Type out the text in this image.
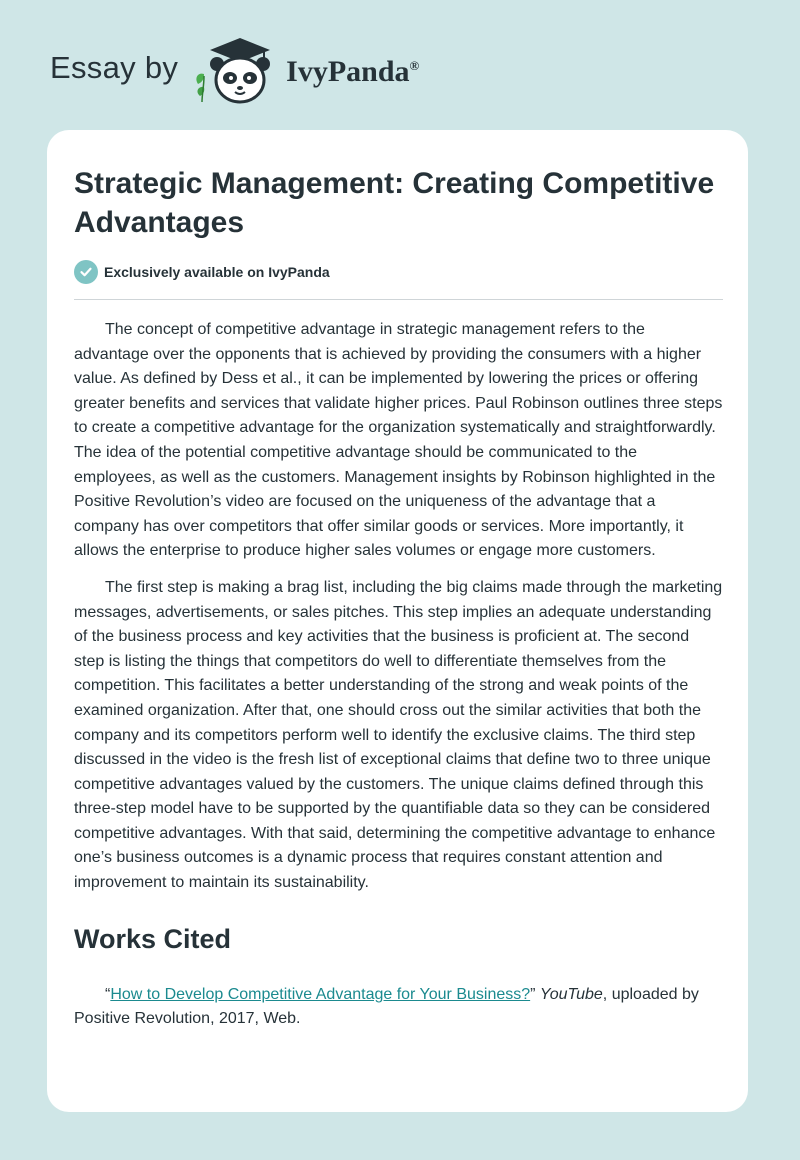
Essay by	IvyPanda®
Strategic Management: Creating Competitive Advantages
Exclusively available on IvyPanda

The concept of competitive advantage in strategic management refers to the advantage over the opponents that is achieved by providing the consumers with a higher value. As defined by Dess et al., it can be implemented by lowering the prices or offering greater benefits and services that validate higher prices. Paul Robinson outlines three steps to create a competitive advantage for the organization systematically and straightforwardly. The idea of the potential competitive advantage should be communicated to the employees, as well as the customers. Management insights by Robinson highlighted in the Positive Revolution’s video are focused on the uniqueness of the advantage that a company has over competitors that offer similar goods or services. More importantly, it allows the enterprise to produce higher sales volumes or engage more customers.

The first step is making a brag list, including the big claims made through the marketing messages, advertisements, or sales pitches. This step implies an adequate understanding of the business process and key activities that the business is proficient at. The second step is listing the things that competitors do well to differentiate themselves from the competition. This facilitates a better understanding of the strong and weak points of the examined organization. After that, one should cross out the similar activities that both the company and its competitors perform well to identify the exclusive claims. The third step discussed in the video is the fresh list of exceptional claims that define two to three unique competitive advantages valued by the customers. The unique claims defined through this three-step model have to be supported by the quantifiable data so they can be considered competitive advantages. With that said, determining the competitive advantage to enhance one’s business outcomes is a dynamic process that requires constant attention and improvement to maintain its sustainability.

Works Cited

“How to Develop Competitive Advantage for Your Business?” YouTube, uploaded by Positive Revolution, 2017, Web.
